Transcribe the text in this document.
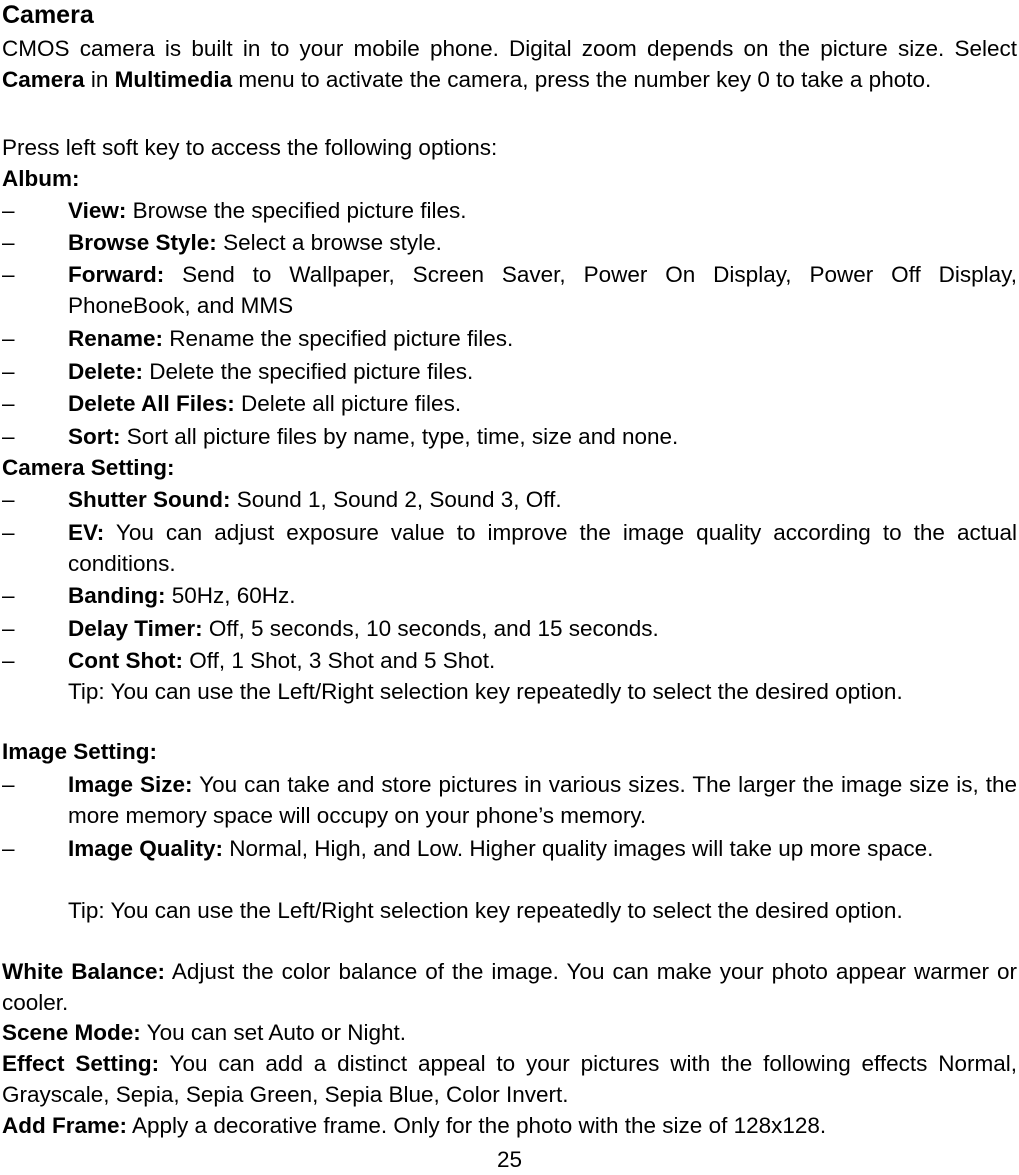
Camera

CMOS camera is built in to your mobile phone. Digital zoom depends on the picture size. Select Camera in Multimedia menu to activate the camera, press the number key 0 to take a photo.

Press left soft key to access the following options:

Album:

–	View: Browse the specified picture files.
–	Browse Style: Select a browse style.
–	Forward: Send to Wallpaper, Screen Saver, Power On Display, Power Off Display, PhoneBook, and MMS
–	Rename: Rename the specified picture files.
–	Delete: Delete the specified picture files.
–	Delete All Files: Delete all picture files.
–	Sort: Sort all picture files by name, type, time, size and none.

Camera Setting:

–	Shutter Sound: Sound 1, Sound 2, Sound 3, Off.
–	EV: You can adjust exposure value to improve the image quality according to the actual conditions.
–	Banding: 50Hz, 60Hz.
–	Delay Timer: Off, 5 seconds, 10 seconds, and 15 seconds.
–	Cont Shot: Off, 1 Shot, 3 Shot and 5 Shot.

Tip: You can use the Left/Right selection key repeatedly to select the desired option.

Image Setting:

–	Image Size: You can take and store pictures in various sizes. The larger the image size is, the more memory space will occupy on your phone’s memory.
–	Image Quality: Normal, High, and Low. Higher quality images will take up more space.

Tip: You can use the Left/Right selection key repeatedly to select the desired option.

White Balance: Adjust the color balance of the image. You can make your photo appear warmer or cooler.

Scene Mode: You can set Auto or Night.

Effect Setting: You can add a distinct appeal to your pictures with the following effects Normal, Grayscale, Sepia, Sepia Green, Sepia Blue, Color Invert.

Add Frame: Apply a decorative frame. Only for the photo with the size of 128x128.

25
